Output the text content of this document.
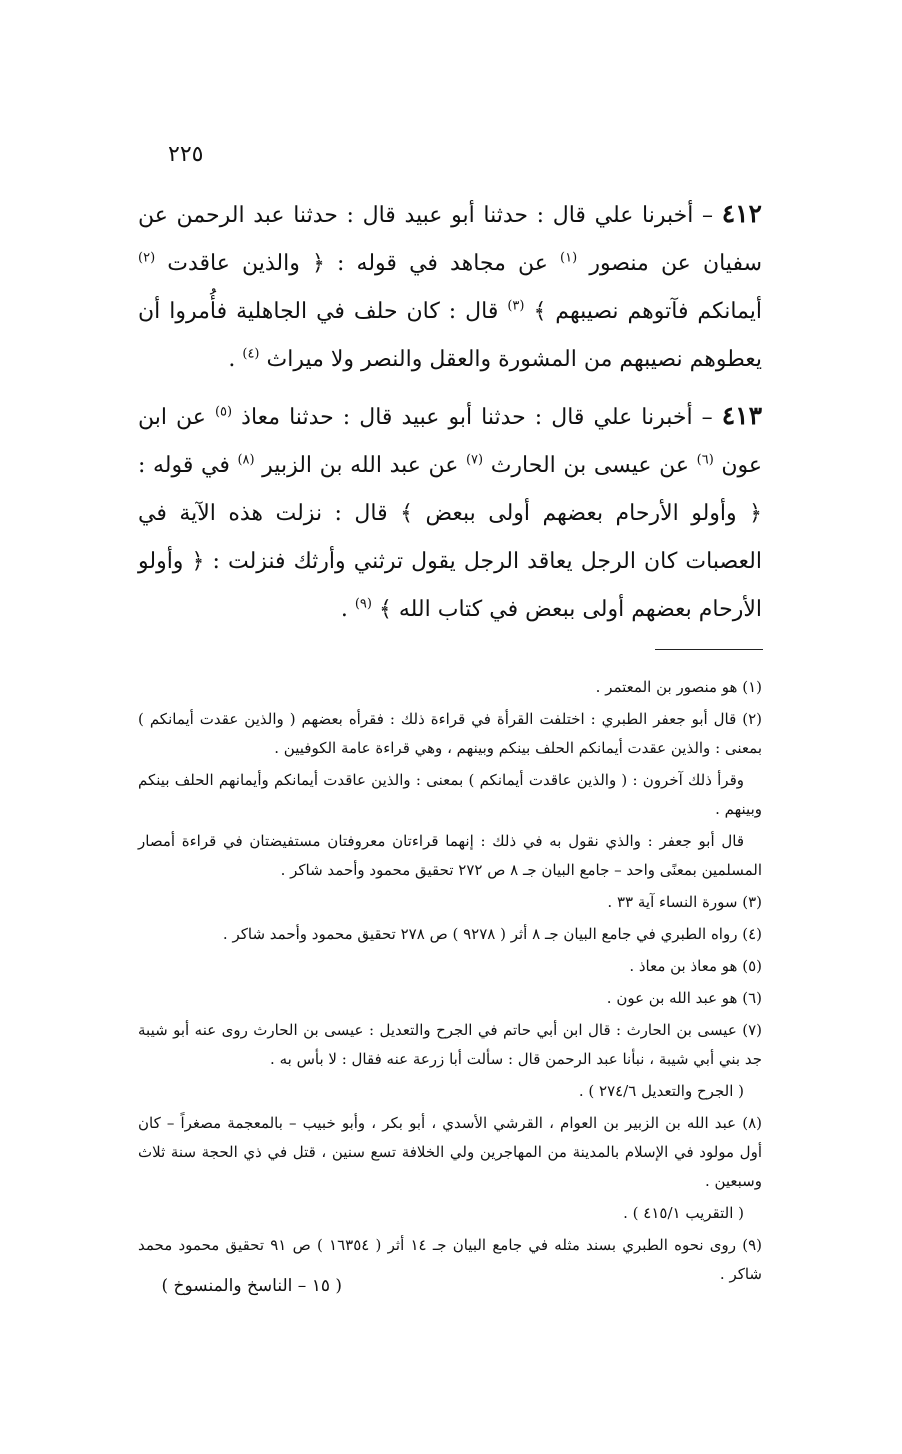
٢٢٥

٤١٢ – أخبرنا علي قال : حدثنا أبو عبيد قال : حدثنا عبد الرحمن عن سفيان عن منصور $^{(١)}$ عن مجاهد في قوله : ﴿ والذين عاقدت $^{(٢)}$ أيمانكم فآتوهم نصيبهم ﴾ $^{(٣)}$ قال : كان حلف في الجاهلية فأُمروا أن يعطوهم نصيبهم من المشورة والعقل والنصر ولا ميراث $^{(٤)}$ .

٤١٣ – أخبرنا علي قال : حدثنا أبو عبيد قال : حدثنا معاذ $^{(٥)}$ عن ابن عون $^{(٦)}$ عن عيسى بن الحارث $^{(٧)}$ عن عبد الله بن الزبير $^{(٨)}$ في قوله : ﴿ وأولو الأرحام بعضهم أولى ببعض ﴾ قال : نزلت هذه الآية في العصبات كان الرجل يعاقد الرجل يقول ترثني وأرثك فنزلت : ﴿ وأولو الأرحام بعضهم أولى ببعض في كتاب الله ﴾ $^{(٩)}$ .

(١) هو منصور بن المعتمر .

(٢) قال أبو جعفر الطبري : اختلفت القرأة في قراءة ذلك : فقرأه بعضهم ( والذين عقدت أيمانكم ) بمعنى : والذين عقدت أيمانكم الحلف بينكم وبينهم ، وهي قراءة عامة الكوفيين .

وقرأ ذلك آخرون : ( والذين عاقدت أيمانكم ) بمعنى : والذين عاقدت أيمانكم وأيمانهم الحلف بينكم وبينهم .

قال أبو جعفر : والذي نقول به في ذلك : إنهما قراءتان معروفتان مستفيضتان في قراءة أمصار المسلمين بمعنًى واحد – جامع البيان جـ ٨ ص ٢٧٢ تحقيق محمود وأحمد شاكر .

(٣) سورة النساء آية ٣٣ .

(٤) رواه الطبري في جامع البيان جـ ٨ أثر ( ٩٢٧٨ ) ص ٢٧٨ تحقيق محمود وأحمد شاكر .

(٥) هو معاذ بن معاذ .

(٦) هو عبد الله بن عون .

(٧) عيسى بن الحارث : قال ابن أبي حاتم في الجرح والتعديل : عيسى بن الحارث روى عنه أبو شيبة جد بني أبي شيبة ، نبأنا عبد الرحمن قال : سألت أبا زرعة عنه فقال : لا بأس به .

( الجرح والتعديل ٢٧٤/٦ ) .

(٨) عبد الله بن الزبير بن العوام ، القرشي الأسدي ، أبو بكر ، وأبو خبيب – بالمعجمة مصغراً – كان أول مولود في الإسلام بالمدينة من المهاجرين ولي الخلافة تسع سنين ، قتل في ذي الحجة سنة ثلاث وسبعين .

( التقريب ٤١٥/١ ) .

(٩) روى نحوه الطبري بسند مثله في جامع البيان جـ ١٤ أثر ( ١٦٣٥٤ ) ص ٩١ تحقيق محمود محمد شاكر .

( ١٥ – الناسخ والمنسوخ )
